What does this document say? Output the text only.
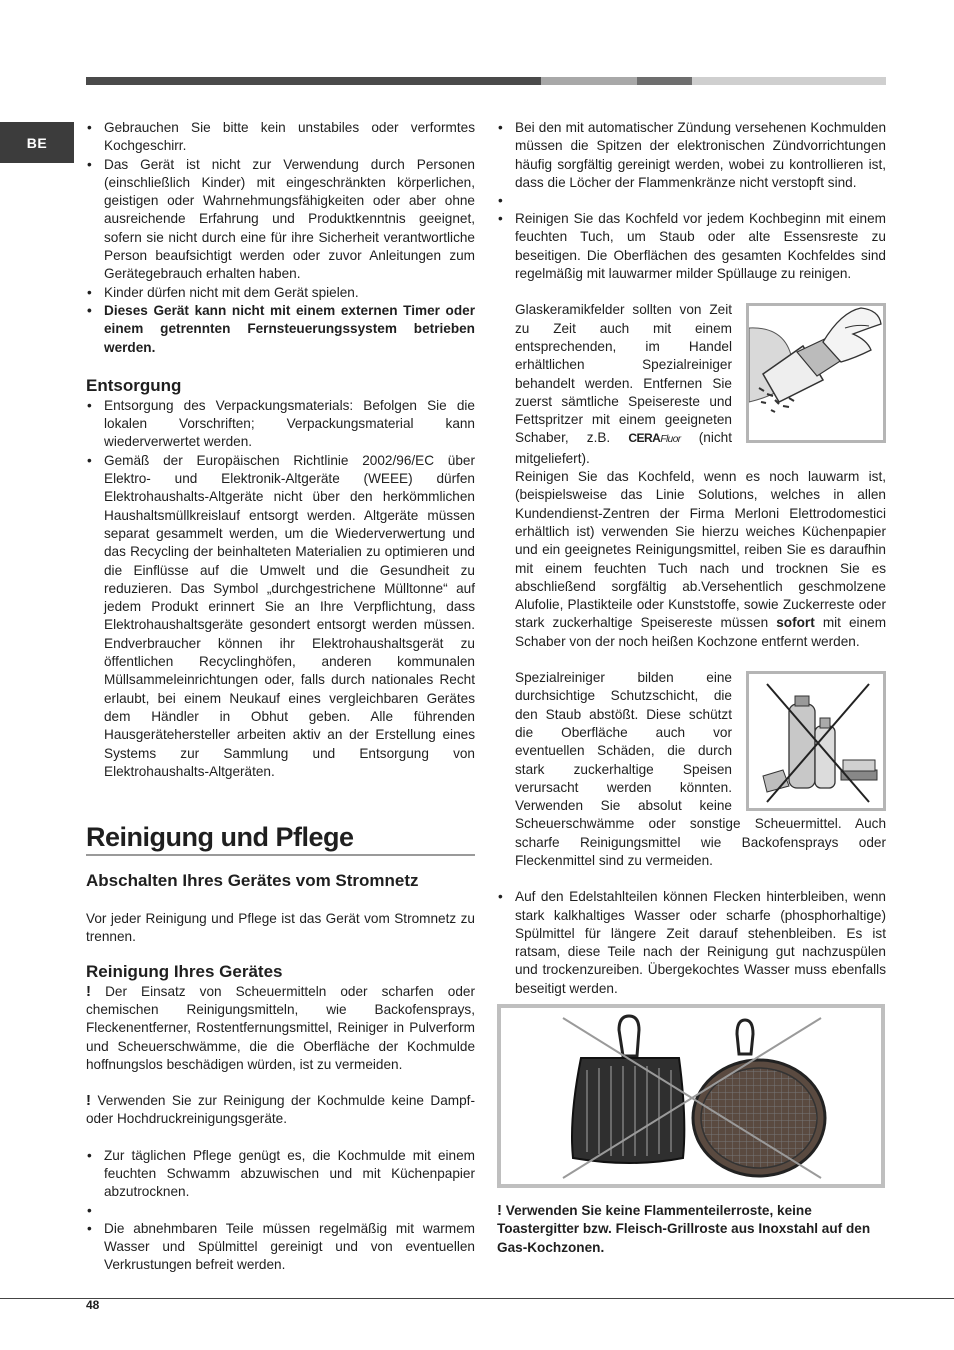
BE
• Gebrauchen Sie bitte kein unstabiles oder verformtes Kochgeschirr.
• Das Gerät ist nicht zur Verwendung durch Personen (einschließlich Kinder) mit eingeschränkten körperlichen, geistigen oder Wahrnehmungsfähigkeiten oder aber ohne ausreichende Erfahrung und Produktkenntnis geeignet, sofern sie nicht durch eine für ihre Sicherheit verantwortliche Person beaufsichtigt werden oder zuvor Anleitungen zum Gerätegebrauch erhalten haben.
• Kinder dürfen nicht mit dem Gerät spielen.
• Dieses Gerät kann nicht mit einem externen Timer oder einem getrennten Fernsteuerungssystem betrieben werden.
Entsorgung
• Entsorgung des Verpackungsmaterials: Befolgen Sie die lokalen Vorschriften; Verpackungsmaterial kann wiederverwertet werden.
• Gemäß der Europäischen Richtlinie 2002/96/EC über Elektro- und Elektronik-Altgeräte (WEEE) dürfen Elektrohaushalts-Altgeräte nicht über den herkömmlichen Haushaltsmüllkreislauf entsorgt werden. Altgeräte müssen separat gesammelt werden, um die Wiederverwertung und das Recycling der beinhalteten Materialien zu optimieren und die Einflüsse auf die Umwelt und die Gesundheit zu reduzieren. Das Symbol „durchgestrichene Mülltonne“ auf jedem Produkt erinnert Sie an Ihre Verpflichtung, dass Elektrohaushaltsgeräte gesondert entsorgt werden müssen. Endverbraucher können ihr Elektrohaushaltsgerät zu öffentlichen Recyclinghöfen, anderen kommunalen Müllsammeleinrichtungen oder, falls durch nationales Recht erlaubt, bei einem Neukauf eines vergleichbaren Gerätes dem Händler in Obhut geben. Alle führenden Hausgerätehersteller arbeiten aktiv an der Erstellung eines Systems zur Sammlung und Entsorgung von Elektrohaushalts-Altgeräten.
Reinigung und Pflege
Abschalten Ihres Gerätes vom Stromnetz

Vor jeder Reinigung und Pflege ist das Gerät vom Stromnetz zu trennen.

Reinigung Ihres Gerätes

! Der Einsatz von Scheuermitteln oder scharfen oder chemischen Reinigungsmitteln, wie Backofensprays, Fleckenentferner, Rostentfernungsmittel, Reiniger in Pulverform und Scheuerschwämme, die die Oberfläche der Kochmulde hoffnungslos beschädigen würden, ist zu vermeiden.

! Verwenden Sie zur Reinigung der Kochmulde keine Dampf- oder Hochdruckreinigungsgeräte.

• Zur täglichen Pflege genügt es, die Kochmulde mit einem feuchten Schwamm abzuwischen und mit Küchenpapier abzutrocknen.
•
• Die abnehmbaren Teile müssen regelmäßig mit warmem Wasser und Spülmittel gereinigt und von eventuellen Verkrustungen befreit werden.
• Bei den mit automatischer Zündung versehenen Kochmulden müssen die Spitzen der elektronischen Zündvorrichtungen häufig sorgfältig gereinigt werden, wobei zu kontrollieren ist, dass die Löcher der Flammenkränze nicht verstopft sind.
•
• Reinigen Sie das Kochfeld vor jedem Kochbeginn mit einem feuchten Tuch, um Staub oder alte Essensreste zu beseitigen. Die Oberflächen des gesamten Kochfeldes sind regelmäßig mit lauwarmer milder Spüllauge zu reinigen.

Glaskeramikfelder sollten von Zeit zu Zeit auch mit einem entsprechenden, im Handel erhältlichen Spezialreiniger behandelt werden. Entfernen Sie zuerst sämtliche Speisereste und Fettspritzer mit einem geeigneten Schaber, z.B. CERAFluor (nicht mitgeliefert).

Reinigen Sie das Kochfeld, wenn es noch lauwarm ist, (beispielsweise das Linie Solutions, welches in allen Kundendienst-Zentren der Firma Merloni Elettrodomestici erhältlich ist) verwenden Sie hierzu weiches Küchenpapier und ein geeignetes Reinigungsmittel, reiben Sie es daraufhin mit einem feuchten Tuch nach und trocknen Sie es abschließend sorgfältig ab.Versehentlich geschmolzene Alufolie, Plastikteile oder Kunststoffe, sowie Zuckerreste oder stark zuckerhaltige Speisereste müssen sofort mit einem Schaber von der noch heißen Kochzone entfernt werden.

Spezialreiniger bilden eine durchsichtige Schutzschicht, die den Staub abstößt. Diese schützt die Oberfläche auch vor eventuellen Schäden, die durch stark zuckerhaltige Speisen verursacht werden könnten. Verwenden Sie absolut keine Scheuerschwämme oder sonstige Scheuermittel. Auch scharfe Reinigungsmittel wie Backofensprays oder Fleckenmittel sind zu vermeiden.

• Auf den Edelstahlteilen können Flecken hinterbleiben, wenn stark kalkhaltiges Wasser oder scharfe (phosphorhaltige) Spülmittel für längere Zeit darauf stehenbleiben. Es ist ratsam, diese Teile nach der Reinigung gut nachzuspülen und trockenzureiben. Übergekochtes Wasser muss ebenfalls beseitigt werden.

! Verwenden Sie keine Flammenteilerroste, keine Toastergitter bzw. Fleisch-Grillroste aus Inoxstahl auf den Gas-Kochzonen.

48
